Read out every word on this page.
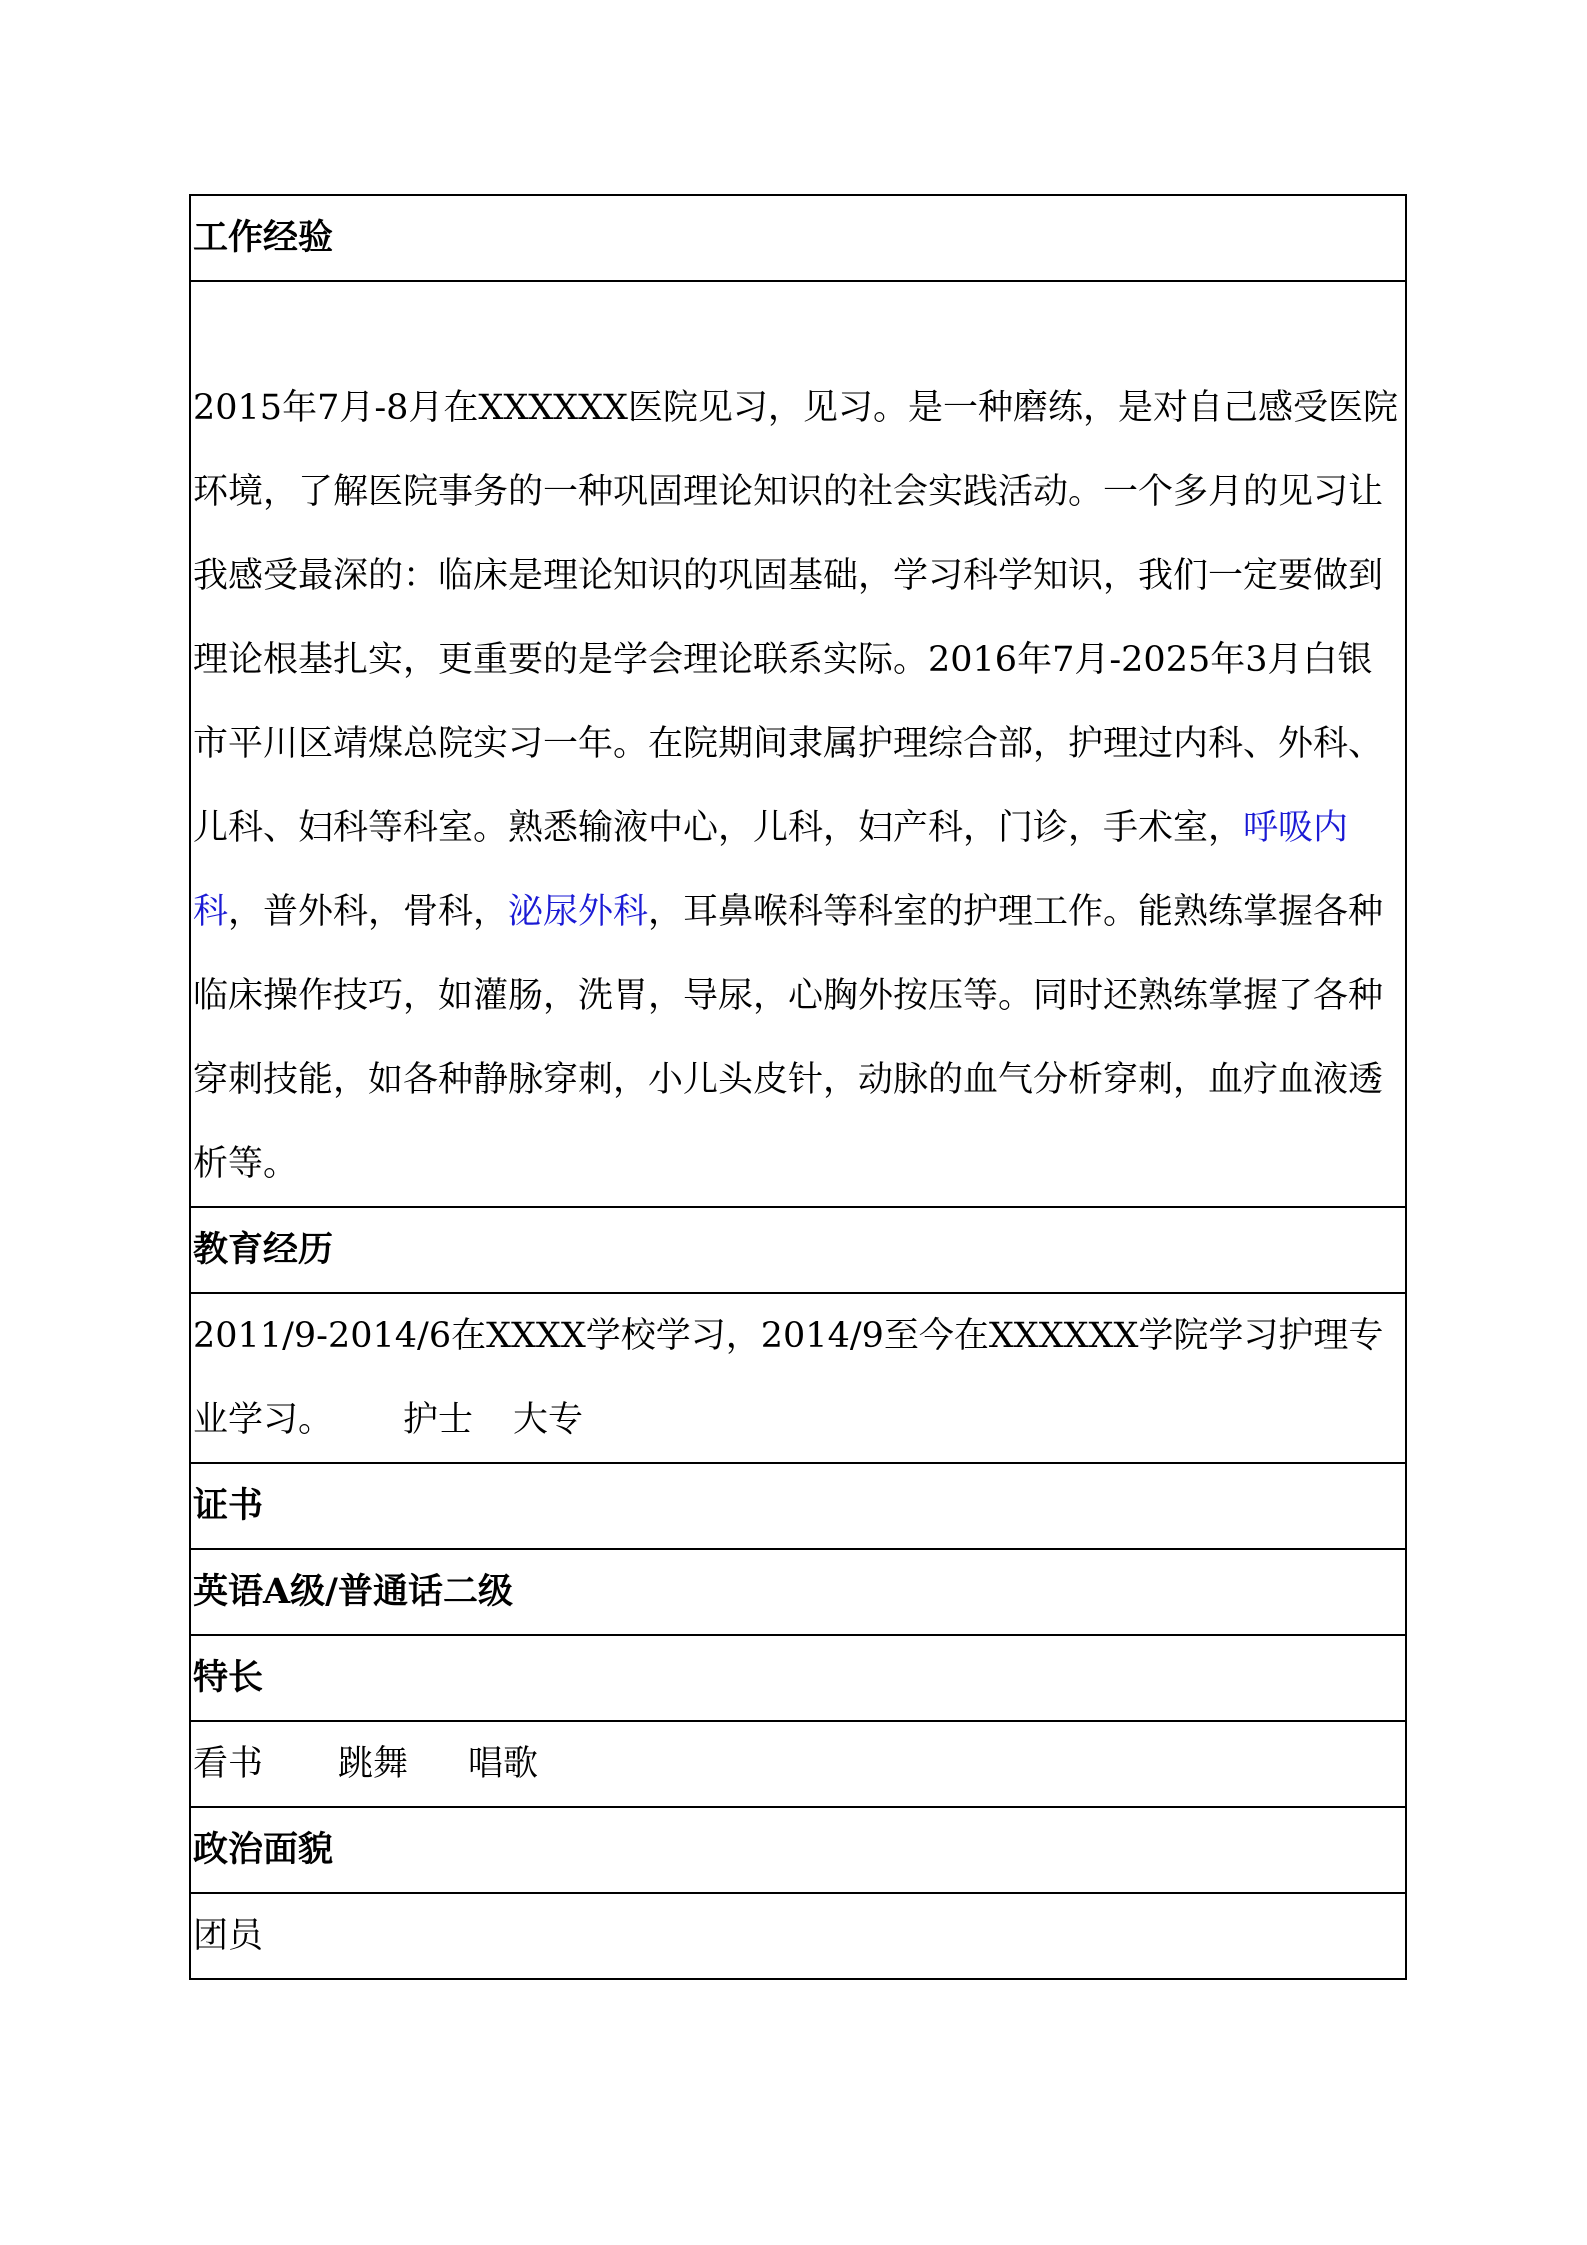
工作经验
2015年7月-8月在XXXXXX医院见习，见习。是一种磨练，是对自己感受医院环境，了解医院事务的一种巩固理论知识的社会实践活动。一个多月的见习让我感受最深的：临床是理论知识的巩固基础，学习科学知识，我们一定要做到理论根基扎实，更重要的是学会理论联系实际。2016年7月-2025年3月白银市平川区靖煤总院实习一年。在院期间隶属护理综合部，护理过内科、外科、儿科、妇科等科室。熟悉输液中心，儿科，妇产科，门诊，手术室，呼吸内科，普外科，骨科，泌尿外科，耳鼻喉科等科室的护理工作。能熟练掌握各种临床操作技巧，如灌肠，洗胃，导尿，心胸外按压等。同时还熟练掌握了各种穿刺技能，如各种静脉穿刺，小儿头皮针，动脉的血气分析穿刺，血疗血液透析等。
教育经历
2011/9-2014/6在XXXX学校学习，2014/9至今在XXXXXX学院学习护理专业学习。 护士 大专
证书
英语A级/普通话二级
特长
看书 跳舞 唱歌
政治面貌
团员
